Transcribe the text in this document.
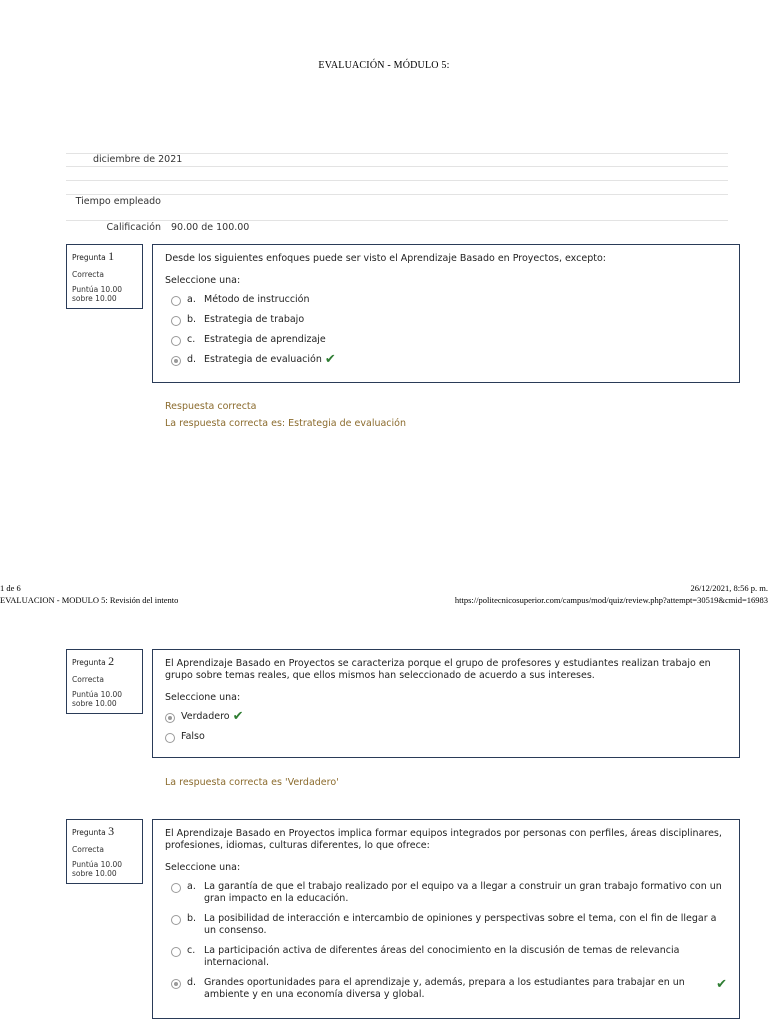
EVALUACIÓN - MÓDULO 5:
diciembre de 2021
Tiempo empleado
Calificación 90.00 de 100.00
Pregunta 1
Correcta
Puntúa 10.00
sobre 10.00
Desde los siguientes enfoques puede ser visto el Aprendizaje Basado en Proyectos, excepto:
Seleccione una:
a. Método de instrucción
b. Estrategia de trabajo
c. Estrategia de aprendizaje
d. Estrategia de evaluación ✔
Respuesta correcta
La respuesta correcta es: Estrategia de evaluación
1 de 6	26/12/2021, 8:56 p. m.
EVALUACION - MODULO 5: Revisión del intento	https://politecnicosuperior.com/campus/mod/quiz/review.php?attempt=30519&cmid=16983
Pregunta 2
Correcta
Puntúa 10.00
sobre 10.00
El Aprendizaje Basado en Proyectos se caracteriza porque el grupo de profesores y estudiantes realizan trabajo en grupo sobre temas reales, que ellos mismos han seleccionado de acuerdo a sus intereses.
Seleccione una:
Verdadero ✔
Falso
La respuesta correcta es 'Verdadero'
Pregunta 3
Correcta
Puntúa 10.00
sobre 10.00
El Aprendizaje Basado en Proyectos implica formar equipos integrados por personas con perfiles, áreas disciplinares, profesiones, idiomas, culturas diferentes, lo que ofrece:
Seleccione una:
a. La garantía de que el trabajo realizado por el equipo va a llegar a construir un gran trabajo formativo con un gran impacto en la educación.
b. La posibilidad de interacción e intercambio de opiniones y perspectivas sobre el tema, con el fin de llegar a un consenso.
c. La participación activa de diferentes áreas del conocimiento en la discusión de temas de relevancia internacional.
d. Grandes oportunidades para el aprendizaje y, además, prepara a los estudiantes para trabajar en un ambiente y en una economía diversa y global.
✔
